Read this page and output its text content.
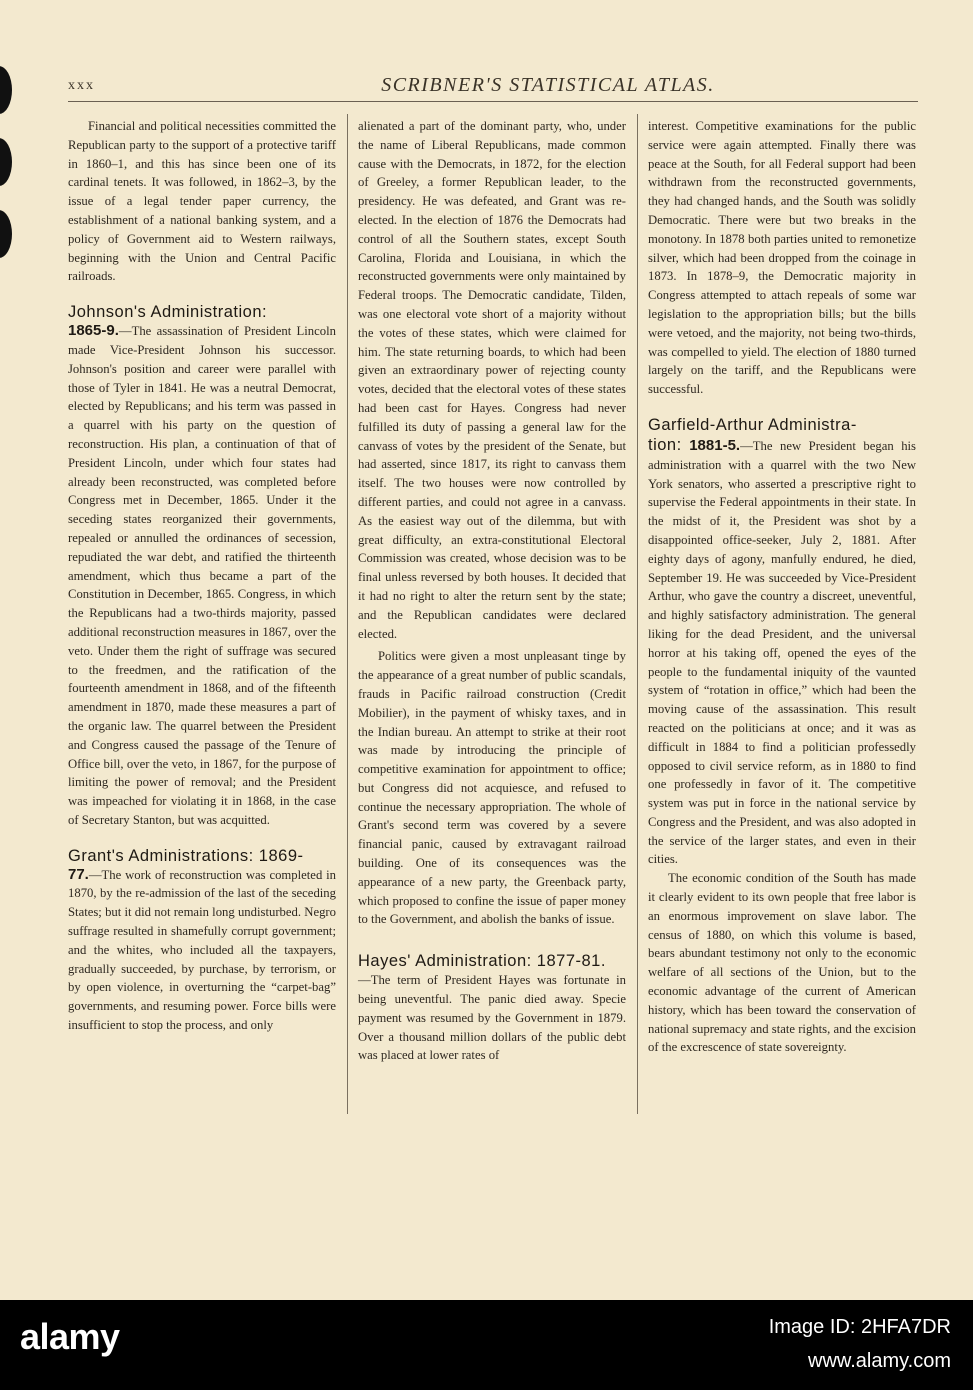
xxx	SCRIBNER'S STATISTICAL ATLAS.

Financial and political necessities committed the Republican party to the support of a protective tariff in 1860–1, and this has since been one of its cardinal tenets. It was followed, in 1862–3, by the issue of a legal tender paper currency, the establishment of a national banking system, and a policy of Government aid to Western railways, beginning with the Union and Central Pacific railroads.

Johnson's Administration:
1865-9.—The assassination of President Lincoln made Vice-President Johnson his successor. Johnson's position and career were parallel with those of Tyler in 1841. He was a neutral Democrat, elected by Republicans; and his term was passed in a quarrel with his party on the question of reconstruction. His plan, a continuation of that of President Lincoln, under which four states had already been reconstructed, was completed before Congress met in December, 1865. Under it the seceding states reorganized their governments, repealed or annulled the ordinances of secession, repudiated the war debt, and ratified the thirteenth amendment, which thus became a part of the Constitution in December, 1865. Congress, in which the Republicans had a two-thirds majority, passed additional reconstruction measures in 1867, over the veto. Under them the right of suffrage was secured to the freedmen, and the ratification of the fourteenth amendment in 1868, and of the fifteenth amendment in 1870, made these measures a part of the organic law. The quarrel between the President and Congress caused the passage of the Tenure of Office bill, over the veto, in 1867, for the purpose of limiting the power of removal; and the President was impeached for violating it in 1868, in the case of Secretary Stanton, but was acquitted.

Grant's Administrations: 1869-
77.—The work of reconstruction was completed in 1870, by the re-admission of the last of the seceding States; but it did not remain long undisturbed. Negro suffrage resulted in shamefully corrupt government; and the whites, who included all the taxpayers, gradually succeeded, by purchase, by terrorism, or by open violence, in overturning the “carpet-bag” governments, and resuming power. Force bills were insufficient to stop the process, and only

alienated a part of the dominant party, who, under the name of Liberal Republicans, made common cause with the Democrats, in 1872, for the election of Greeley, a former Republican leader, to the presidency. He was defeated, and Grant was re-elected. In the election of 1876 the Democrats had control of all the Southern states, except South Carolina, Florida and Louisiana, in which the reconstructed governments were only maintained by Federal troops. The Democratic candidate, Tilden, was one electoral vote short of a majority without the votes of these states, which were claimed for him. The state returning boards, to which had been given an extraordinary power of rejecting county votes, decided that the electoral votes of these states had been cast for Hayes. Congress had never fulfilled its duty of passing a general law for the canvass of votes by the president of the Senate, but had asserted, since 1817, its right to canvass them itself. The two houses were now controlled by different parties, and could not agree in a canvass. As the easiest way out of the dilemma, but with great difficulty, an extra-constitutional Electoral Commission was created, whose decision was to be final unless reversed by both houses. It decided that it had no right to alter the return sent by the state; and the Republican candidates were declared elected.

Politics were given a most unpleasant tinge by the appearance of a great number of public scandals, frauds in Pacific railroad construction (Credit Mobilier), in the payment of whisky taxes, and in the Indian bureau. An attempt to strike at their root was made by introducing the principle of competitive examination for appointment to office; but Congress did not acquiesce, and refused to continue the necessary appropriation. The whole of Grant's second term was covered by a severe financial panic, caused by extravagant railroad building. One of its consequences was the appearance of a new party, the Greenback party, which proposed to confine the issue of paper money to the Government, and abolish the banks of issue.

Hayes' Administration: 1877-81.
—The term of President Hayes was fortunate in being uneventful. The panic died away. Specie payment was resumed by the Government in 1879. Over a thousand million dollars of the public debt was placed at lower rates of

interest. Competitive examinations for the public service were again attempted. Finally there was peace at the South, for all Federal support had been withdrawn from the reconstructed governments, they had changed hands, and the South was solidly Democratic. There were but two breaks in the monotony. In 1878 both parties united to remonetize silver, which had been dropped from the coinage in 1873. In 1878–9, the Democratic majority in Congress attempted to attach repeals of some war legislation to the appropriation bills; but the bills were vetoed, and the majority, not being two-thirds, was compelled to yield. The election of 1880 turned largely on the tariff, and the Republicans were successful.

Garfield-Arthur Administra-
tion: 1881-5.—The new President began his administration with a quarrel with the two New York senators, who asserted a prescriptive right to supervise the Federal appointments in their state. In the midst of it, the President was shot by a disappointed office-seeker, July 2, 1881. After eighty days of agony, manfully endured, he died, September 19. He was succeeded by Vice-President Arthur, who gave the country a discreet, uneventful, and highly satisfactory administration. The general liking for the dead President, and the universal horror at his taking off, opened the eyes of the people to the fundamental iniquity of the vaunted system of “rotation in office,” which had been the moving cause of the assassination. This result reacted on the politicians at once; and it was as difficult in 1884 to find a politician professedly opposed to civil service reform, as in 1880 to find one professedly in favor of it. The competitive system was put in force in the national service by Congress and the President, and was also adopted in the service of the larger states, and even in their cities.

The economic condition of the South has made it clearly evident to its own people that free labor is an enormous improvement on slave labor. The census of 1880, on which this volume is based, bears abundant testimony not only to the economic welfare of all sections of the Union, but to the economic advantage of the current of American history, which has been toward the conservation of national supremacy and state rights, and the excision of the excrescence of state sovereignty.

alamy	Image ID: 2HFA7DR
www.alamy.com
